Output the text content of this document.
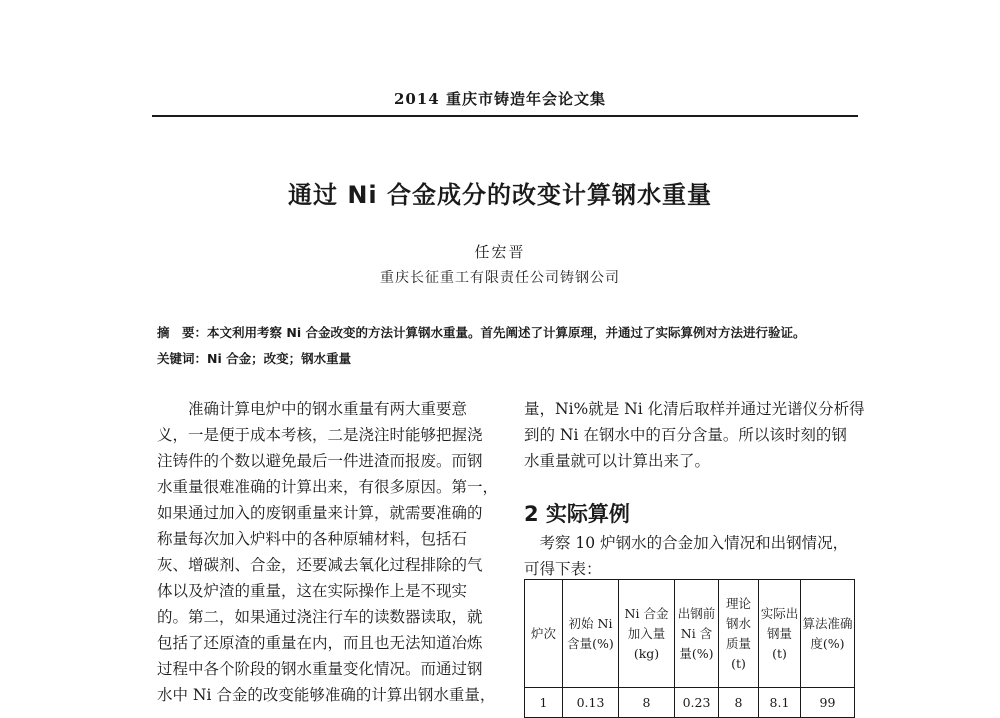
2014 重庆市铸造年会论文集
通过 Ni 合金成分的改变计算钢水重量
任宏晋
重庆长征重工有限责任公司铸钢公司
摘　要：本文利用考察 Ni 合金改变的方法计算钢水重量。首先阐述了计算原理，并通过了实际算例对方法进行验证。
关键词：Ni 合金；改变；钢水重量

准确计算电炉中的钢水重量有两大重要意

义，一是便于成本考核，二是浇注时能够把握浇

注铸件的个数以避免最后一件进渣而报废。而钢

水重量很难准确的计算出来，有很多原因。第一，

如果通过加入的废钢重量来计算，就需要准确的

称量每次加入炉料中的各种原辅材料，包括石

灰、增碳剂、合金，还要减去氧化过程排除的气

体以及炉渣的重量，这在实际操作上是不现实

的。第二，如果通过浇注行车的读数器读取，就

包括了还原渣的重量在内，而且也无法知道冶炼

过程中各个阶段的钢水重量变化情况。而通过钢

水中 Ni 合金的改变能够准确的计算出钢水重量，

量，Ni%就是 Ni 化清后取样并通过光谱仪分析得

到的 Ni 在钢水中的百分含量。所以该时刻的钢

水重量就可以计算出来了。

2 实际算例

考察 10 炉钢水的合金加入情况和出钢情况，

可得下表：

炉次	初始 Ni 含量(%)	Ni 合金加入量(kg)	出钢前 Ni 含量(%)	理论钢水质量(t)	实际出钢量(t)	算法准确度(%)
1	0.13	8	0.23	8	8.1	99
